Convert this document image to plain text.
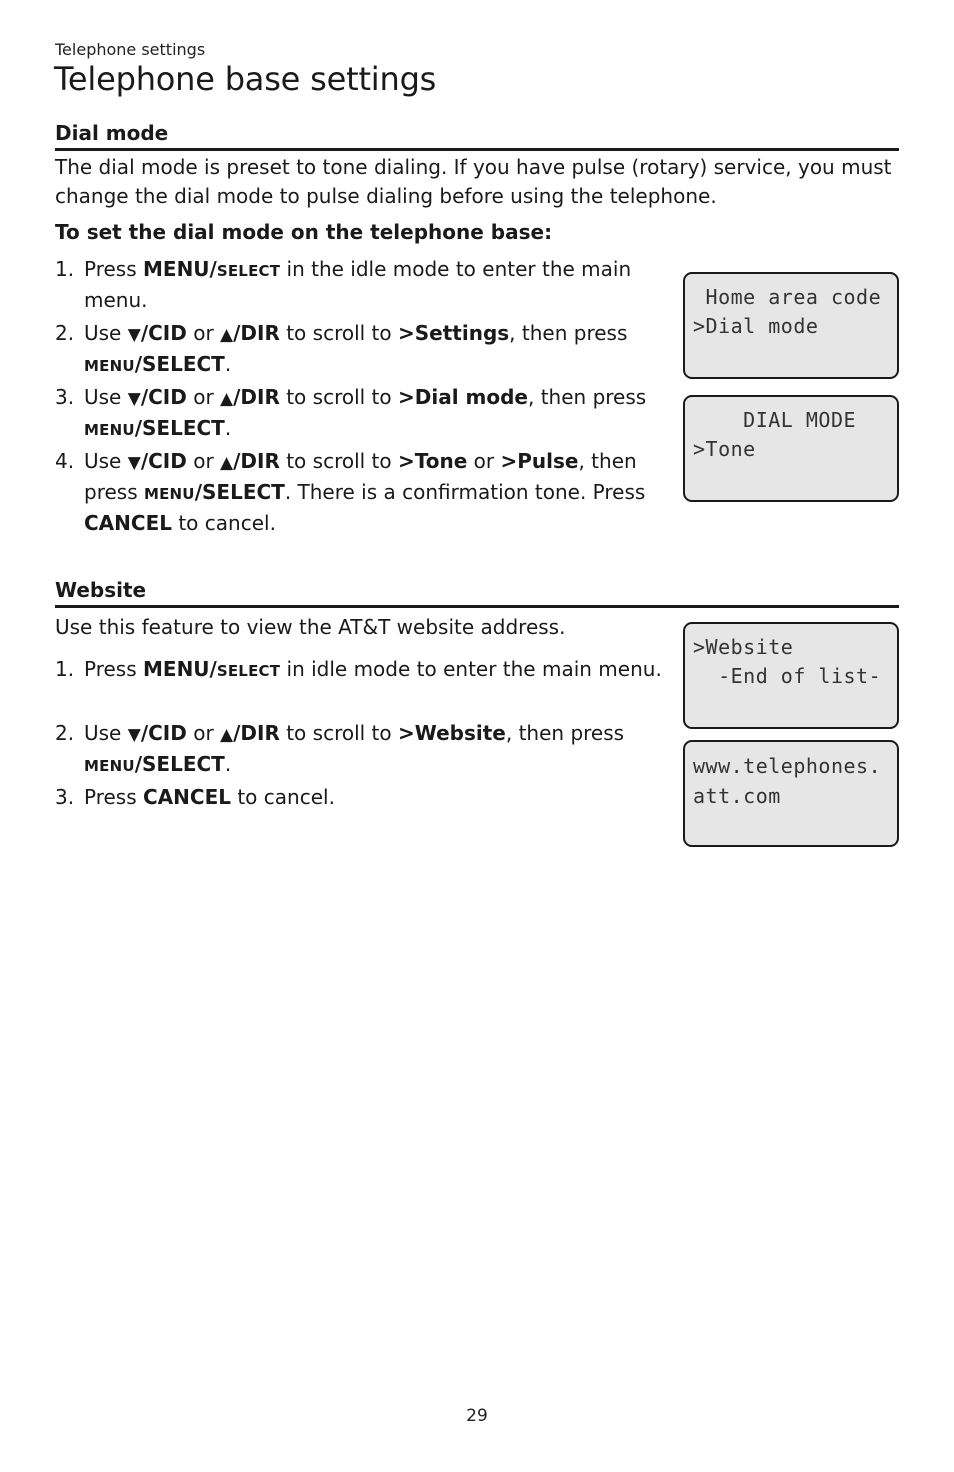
Telephone settings
Telephone base settings
Dial mode
The dial mode is preset to tone dialing. If you have pulse (rotary) service, you must change the dial mode to pulse dialing before using the telephone.
To set the dial mode on the telephone base:
1. Press MENU/SELECT in the idle mode to enter the main menu.
2. Use ▼/CID or ▲/DIR to scroll to >Settings, then press MENU/SELECT.
3. Use ▼/CID or ▲/DIR to scroll to >Dial mode, then press MENU/SELECT.
4. Use ▼/CID or ▲/DIR to scroll to >Tone or >Pulse, then press MENU/SELECT. There is a confirmation tone. Press CANCEL to cancel.
Home area code
>Dial mode
DIAL MODE
>Tone
Website
Use this feature to view the AT&T website address.
1. Press MENU/SELECT in idle mode to enter the main menu.
2. Use ▼/CID or ▲/DIR to scroll to >Website, then press MENU/SELECT.
3. Press CANCEL to cancel.
>Website
-End of list-
www.telephones.
att.com
29
